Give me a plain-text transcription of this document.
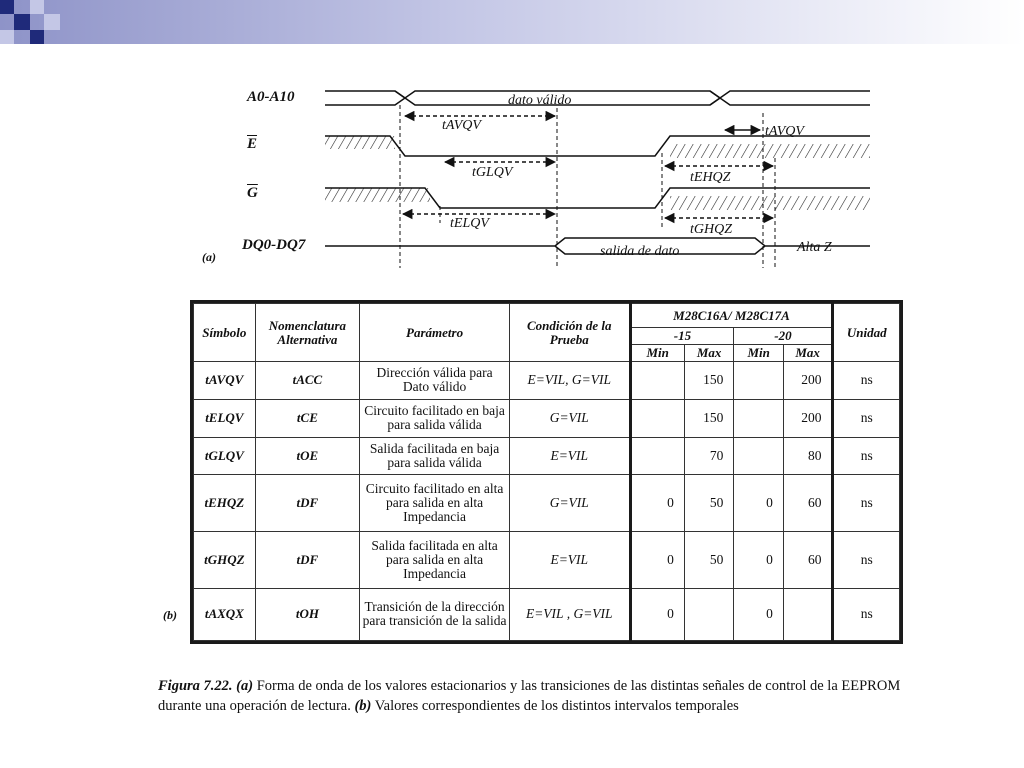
A0-A10
$\overline{E}$
$\overline{G}$
DQ0-DQ7
(a)
dato válido
salida de dato	Alta Z
tAVQV	tAVQV
tGLQV	tEHQZ
tELQV	tGHQZ
(b)
Símbolo	Nomenclatura Alternativa	Parámetro	Condición de la Prueba	M28C16A/ M28C17A				Unidad
				-15		-20		
				Min	Max	Min	Max	
tAVQV	tACC	Dirección válida para Dato válido	E=VIL, G=VIL		150		200	ns
tELQV	tCE	Circuito facilitado en baja para salida válida	G=VIL		150		200	ns
tGLQV	tOE	Salida facilitada en baja para salida válida	E=VIL		70		80	ns
tEHQZ	tDF	Circuito facilitado en alta para salida en alta Impedancia	G=VIL	0	50	0	60	ns
tGHQZ	tDF	Salida facilitada en alta para salida en alta Impedancia	E=VIL	0	50	0	60	ns
tAXQX	tOH	Transición de la dirección para transición de la salida	E=VIL , G=VIL	0		0		ns
Figura 7.22. (a) Forma de onda de los valores estacionarios y las transiciones de las distintas señales de control de la EEPROM durante una operación de lectura. (b) Valores correspondientes de los distintos intervalos temporales
